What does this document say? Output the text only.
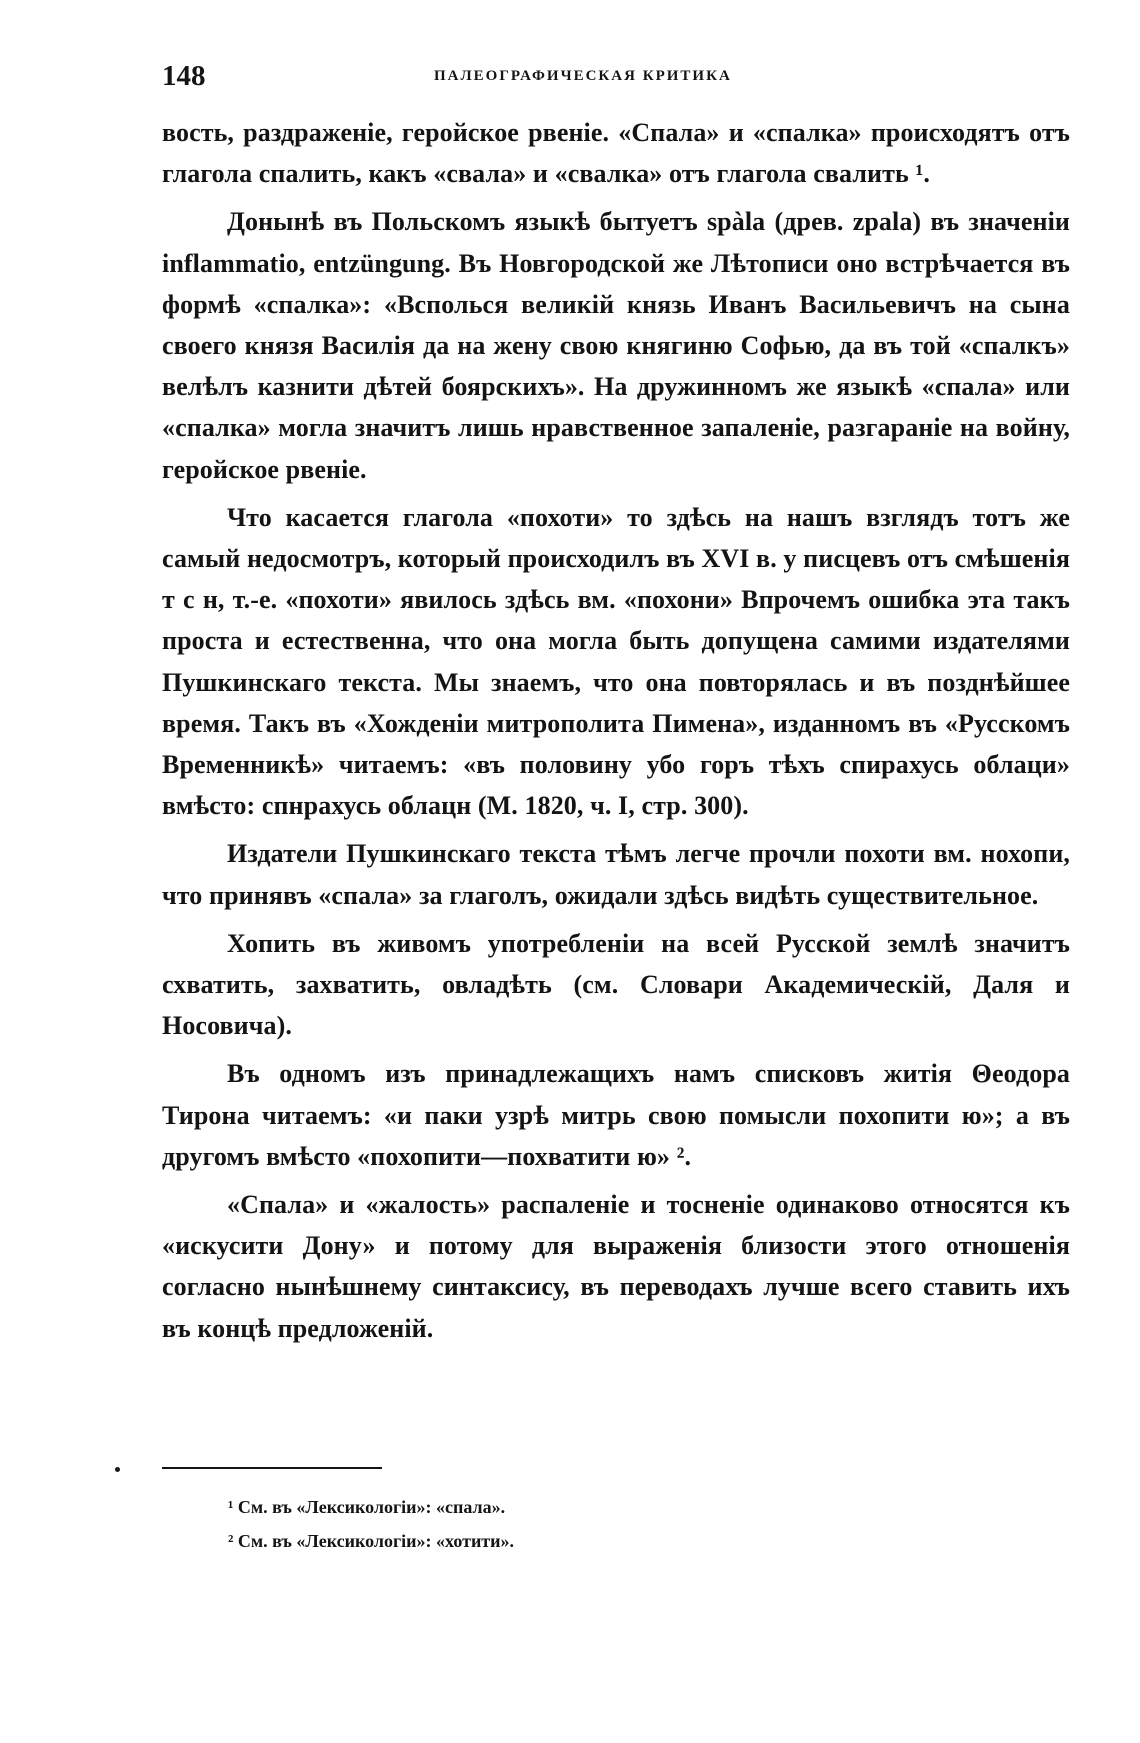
148	ПАЛЕОГРАФИЧЕСКАЯ КРИТИКА

вость, раздраженіе, геройское рвеніе. «Спала» и «спалка» происходятъ отъ глагола спалить, какъ «свала» и «свалка» отъ глагола свалить ¹.

Донынѣ въ Польскомъ языкѣ бытуетъ spàla (древ. zpala) въ значеніи inflammatio, entzüngung. Въ Новгородской же Лѣтописи оно встрѣчается въ формѣ «спалка»: «Всполься великій князь Иванъ Васильевичъ на сына своего князя Василія да на жену свою княгиню Софью, да въ той «спалкъ» велѣлъ казнити дѣтей боярскихъ». На дружинномъ же языкѣ «спала» или «спалка» могла значитъ лишь нравственное запаленіе, разгараніе на войну, геройское рвеніе.

Что касается глагола «похоти» то здѣсь на нашъ взглядъ тотъ же самый недосмотръ, который происходилъ въ XVI в. у писцевъ отъ смѣшенія т с н, т.-е. «похоти» явилось здѣсь вм. «похони» Впрочемъ ошибка эта такъ проста и естественна, что она могла быть допущена самими издателями Пушкинскаго текста. Мы знаемъ, что она повторялась и въ позднѣйшее время. Такъ въ «Хожденіи митрополита Пимена», изданномъ въ «Русскомъ Временникѣ» читаемъ: «въ половину убо горъ тѣхъ спирахусь облаци» вмѣсто: спнрахусь облацн (М. 1820, ч. I, стр. 300).

Издатели Пушкинскаго текста тѣмъ легче прочли похоти вм. нохопи, что принявъ «спала» за глаголъ, ожидали здѣсь видѣть существительное.

Хопить въ живомъ употребленіи на всей Русской землѣ значитъ схватить, захватить, овладѣть (см. Словари Академическій, Даля и Носовича).

Въ одномъ изъ принадлежащихъ намъ списковъ житія Θеодора Тирона читаемъ: «и паки узрѣ митрь свою помысли похопити ю»; а въ другомъ вмѣсто «похопити—похватити ю» ².

«Спала» и «жалость» распаленіе и тосненіе одинаково относятся къ «искусити Дону» и потому для выраженія близости этого отношенія согласно нынѣшнему синтаксису, въ переводахъ лучше всего ставить ихъ въ концѣ предложеній.

¹ См. въ «Лексикологіи»: «спала».
² См. въ «Лексикологіи»: «хотити».
